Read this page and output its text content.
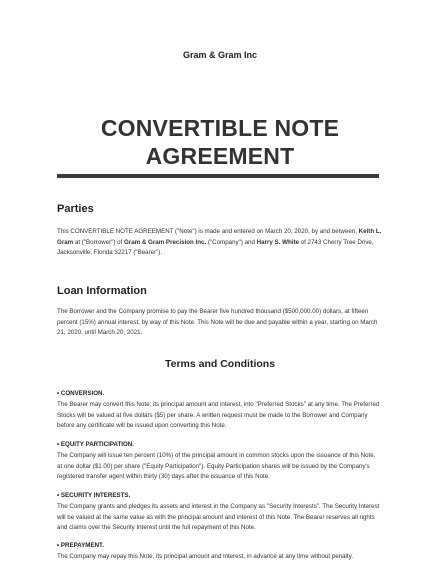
Gram & Gram Inc
CONVERTIBLE NOTE
AGREEMENT
Parties
This CONVERTIBLE NOTE AGREEMENT ("Note") is made and entered on March 20, 2020, by and between, Keith L. Gram at ("Borrower") of Gram & Gram Precision Inc. ("Company") and Harry S. White of 2743 Cherry Tree Drive, Jacksonville, Florida 32217 ("Bearer").
Loan Information
The Borrower and the Company promise to pay the Bearer five hundred thousand ($500,000.00) dollars, at fifteen percent (15%) annual interest, by way of this Note. This Note will be due and payable within a year, starting on March 21, 2020, until March 20, 2021.
Terms and Conditions
• CONVERSION.
The Bearer may convert this Note; its principal amount and interest, into "Preferred Stocks" at any time. The Preferred Stocks will be valued at five dollars ($5) per share. A written request must be made to the Borrower and Company before any certificate will be issued upon converting this Note.
• EQUITY PARTICIPATION.
The Company will issue ten percent (10%) of the principal amount in common stocks upon the issuance of this Note, at one dollar ($1.00) per share ("Equity Participation"). Equity Participation shares will be issued by the Company's registered transfer agent within thirty (30) days after the issuance of this Note.
• SECURITY INTERESTS.
The Company grants and pledges its assets and interest in the Company as "Security Interests". The Security Interest will be valued at the same value as with the principal amount and interest of this Note. The Bearer reserves all rights and claims over the Security Interest until the full repayment of this Note.
• PREPAYMENT.
The Company may repay this Note, its principal amount and interest, in advance at any time without penalty.
